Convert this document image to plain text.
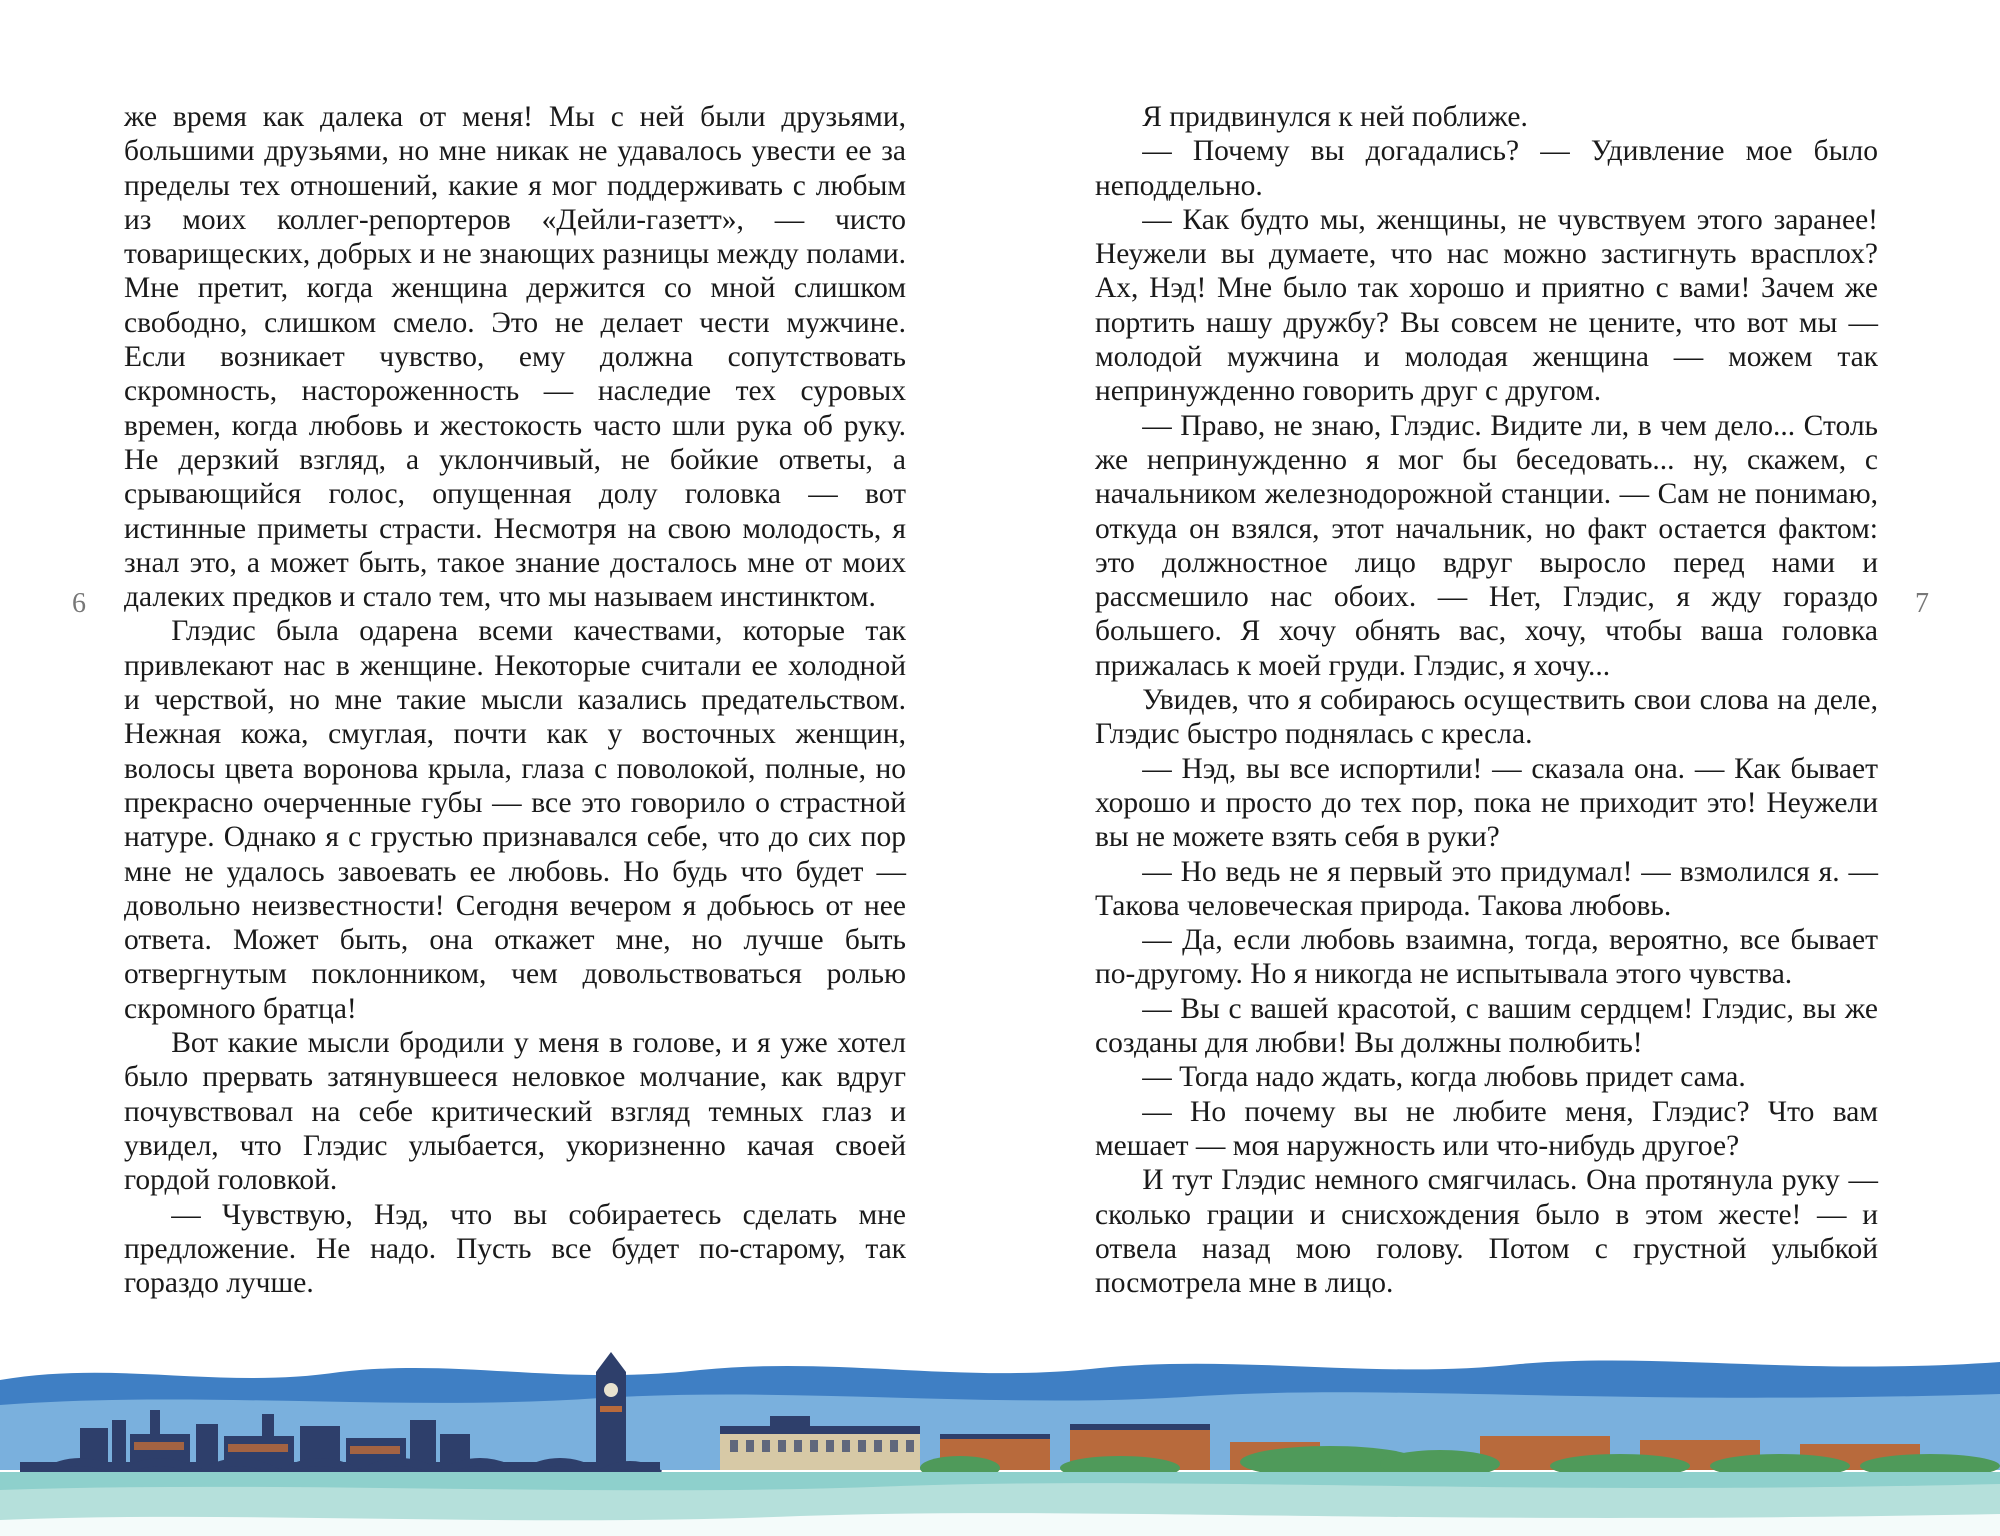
6

же время как далека от меня! Мы с ней были друзьями, большими друзьями, но мне никак не удавалось увести ее за пределы тех отношений, какие я мог поддерживать с любым из моих коллег-репортеров «Дейли-газетт», — чисто товарищеских, добрых и не знающих разницы между полами. Мне претит, когда женщина держится со мной слишком свободно, слишком смело. Это не делает чести мужчине. Если возникает чувство, ему должна сопутствовать скромность, настороженность — наследие тех суровых времен, когда любовь и жестокость часто шли рука об руку. Не дерзкий взгляд, а уклончивый, не бойкие ответы, а срывающийся голос, опущенная долу головка — вот истинные приметы страсти. Несмотря на свою молодость, я знал это, а может быть, такое знание досталось мне от моих далеких предков и стало тем, что мы называем инстинктом.

Глэдис была одарена всеми качествами, которые так привлекают нас в женщине. Некоторые считали ее холодной и черствой, но мне такие мысли казались предательством. Нежная кожа, смуглая, почти как у восточных женщин, волосы цвета воронова крыла, глаза с поволокой, полные, но прекрасно очерченные губы — все это говорило о страстной натуре. Однако я с грустью признавался себе, что до сих пор мне не удалось завоевать ее любовь. Но будь что будет — довольно неизвестности! Сегодня вечером я добьюсь от нее ответа. Может быть, она откажет мне, но лучше быть отвергнутым поклонником, чем довольствоваться ролью скромного братца!

Вот какие мысли бродили у меня в голове, и я уже хотел было прервать затянувшееся неловкое молчание, как вдруг почувствовал на себе критический взгляд темных глаз и увидел, что Глэдис улыбается, укоризненно качая своей гордой головкой.

— Чувствую, Нэд, что вы собираетесь сделать мне предложение. Не надо. Пусть все будет по-старому, так гораздо лучше.

Я придвинулся к ней поближе.

— Почему вы догадались? — Удивление мое было неподдельно.

— Как будто мы, женщины, не чувствуем этого заранее! Неужели вы думаете, что нас можно застигнуть врасплох? Ах, Нэд! Мне было так хорошо и приятно с вами! Зачем же портить нашу дружбу? Вы совсем не цените, что вот мы — молодой мужчина и молодая женщина — можем так непринужденно говорить друг с другом.

— Право, не знаю, Глэдис. Видите ли, в чем дело... Столь же непринужденно я мог бы беседовать... ну, скажем, с начальником железнодорожной станции. — Сам не понимаю, откуда он взялся, этот начальник, но факт остается фактом: это должностное лицо вдруг выросло перед нами и рассмешило нас обоих. — Нет, Глэдис, я жду гораздо большего. Я хочу обнять вас, хочу, чтобы ваша головка прижалась к моей груди. Глэдис, я хочу...

Увидев, что я собираюсь осуществить свои слова на деле, Глэдис быстро поднялась с кресла.

— Нэд, вы все испортили! — сказала она. — Как бывает хорошо и просто до тех пор, пока не приходит это! Неужели вы не можете взять себя в руки?

— Но ведь не я первый это придумал! — взмолился я. — Такова человеческая природа. Такова любовь.

— Да, если любовь взаимна, тогда, вероятно, все бывает по-другому. Но я никогда не испытывала этого чувства.

— Вы с вашей красотой, с вашим сердцем! Глэдис, вы же созданы для любви! Вы должны полюбить!

— Тогда надо ждать, когда любовь придет сама.

— Но почему вы не любите меня, Глэдис? Что вам мешает — моя наружность или что-нибудь другое?

И тут Глэдис немного смягчилась. Она протянула руку — сколько грации и снисхождения было в этом жесте! — и отвела назад мою голову. Потом с грустной улыбкой посмотрела мне в лицо.

7
